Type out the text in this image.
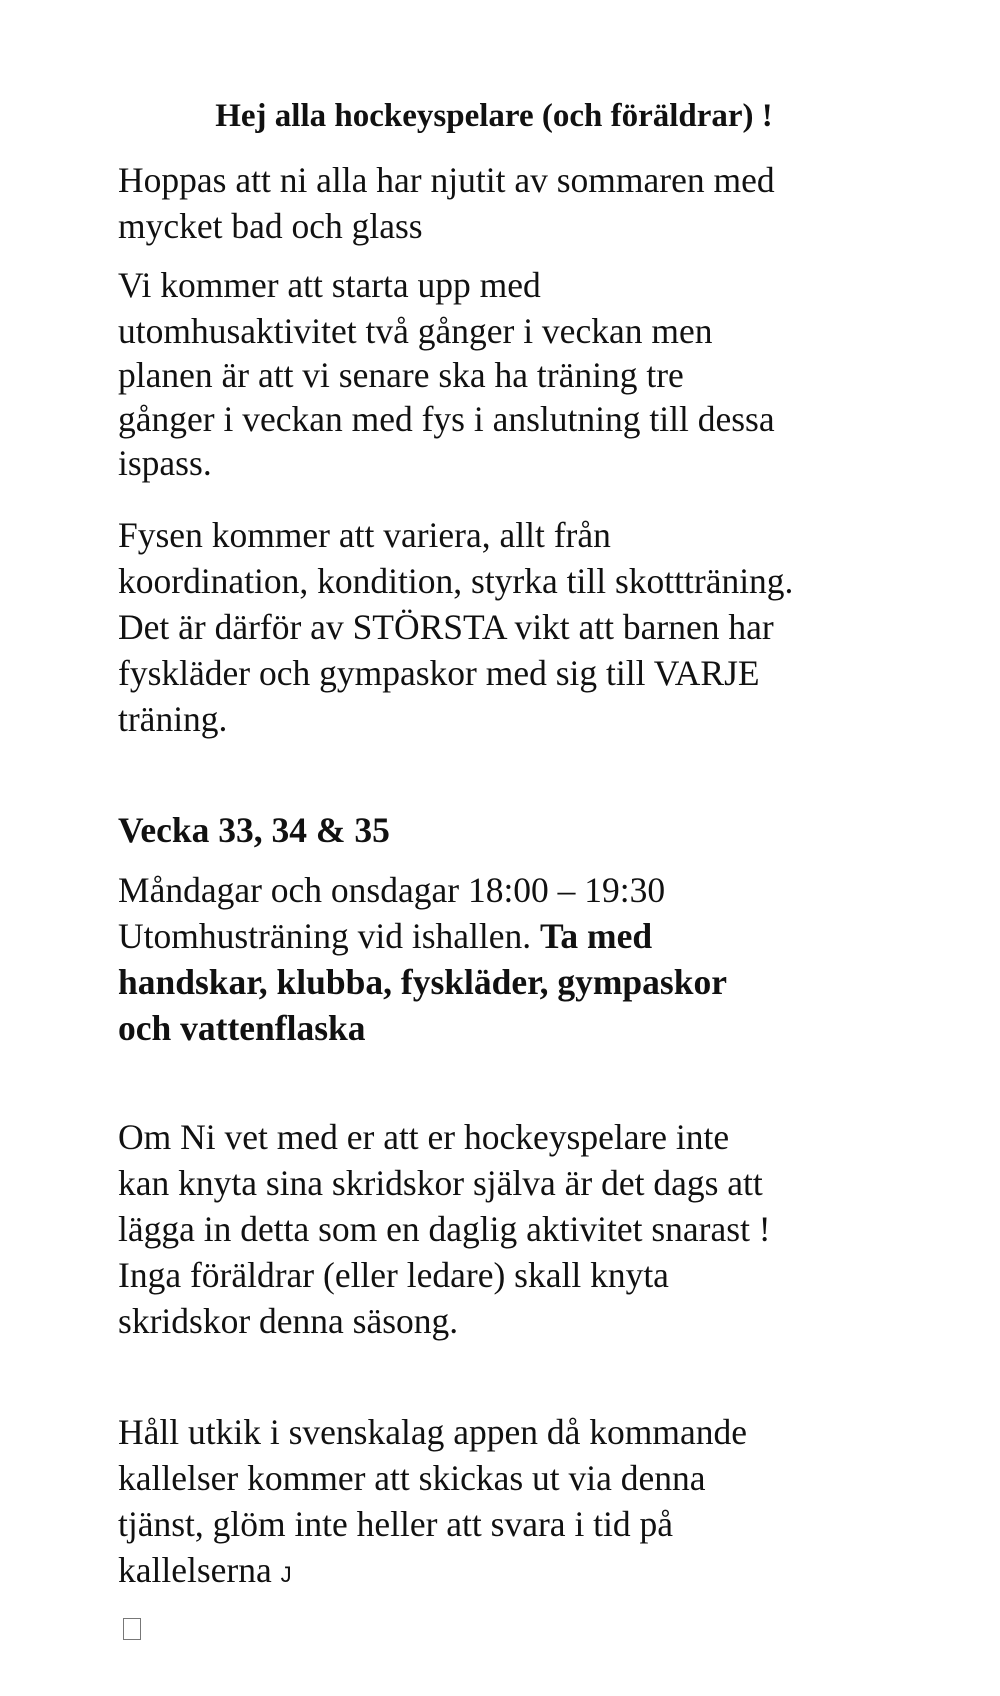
Hej alla hockeyspelare (och föräldrar) !
Hoppas att ni alla har njutit av sommaren med
mycket bad och glass
Vi kommer att starta upp med
utomhusaktivitet två gånger i veckan men
planen är att vi senare ska ha träning tre
gånger i veckan med fys i anslutning till dessa
ispass.
Fysen kommer att variera, allt från
koordination, kondition, styrka till skottträning.
Det är därför av STÖRSTA vikt att barnen har
fyskläder och gympaskor med sig till VARJE
träning.
Vecka 33, 34 & 35
Måndagar och onsdagar 18:00 – 19:30
Utomhusträning vid ishallen. Ta med
handskar, klubba, fyskläder, gympaskor
och vattenflaska
Om Ni vet med er att er hockeyspelare inte
kan knyta sina skridskor själva är det dags att
lägga in detta som en daglig aktivitet snarast !
Inga föräldrar (eller ledare) skall knyta
skridskor denna säsong.
Håll utkik i svenskalag appen då kommande
kallelser kommer att skickas ut via denna
tjänst, glöm inte heller att svara i tid på
kallelserna J
